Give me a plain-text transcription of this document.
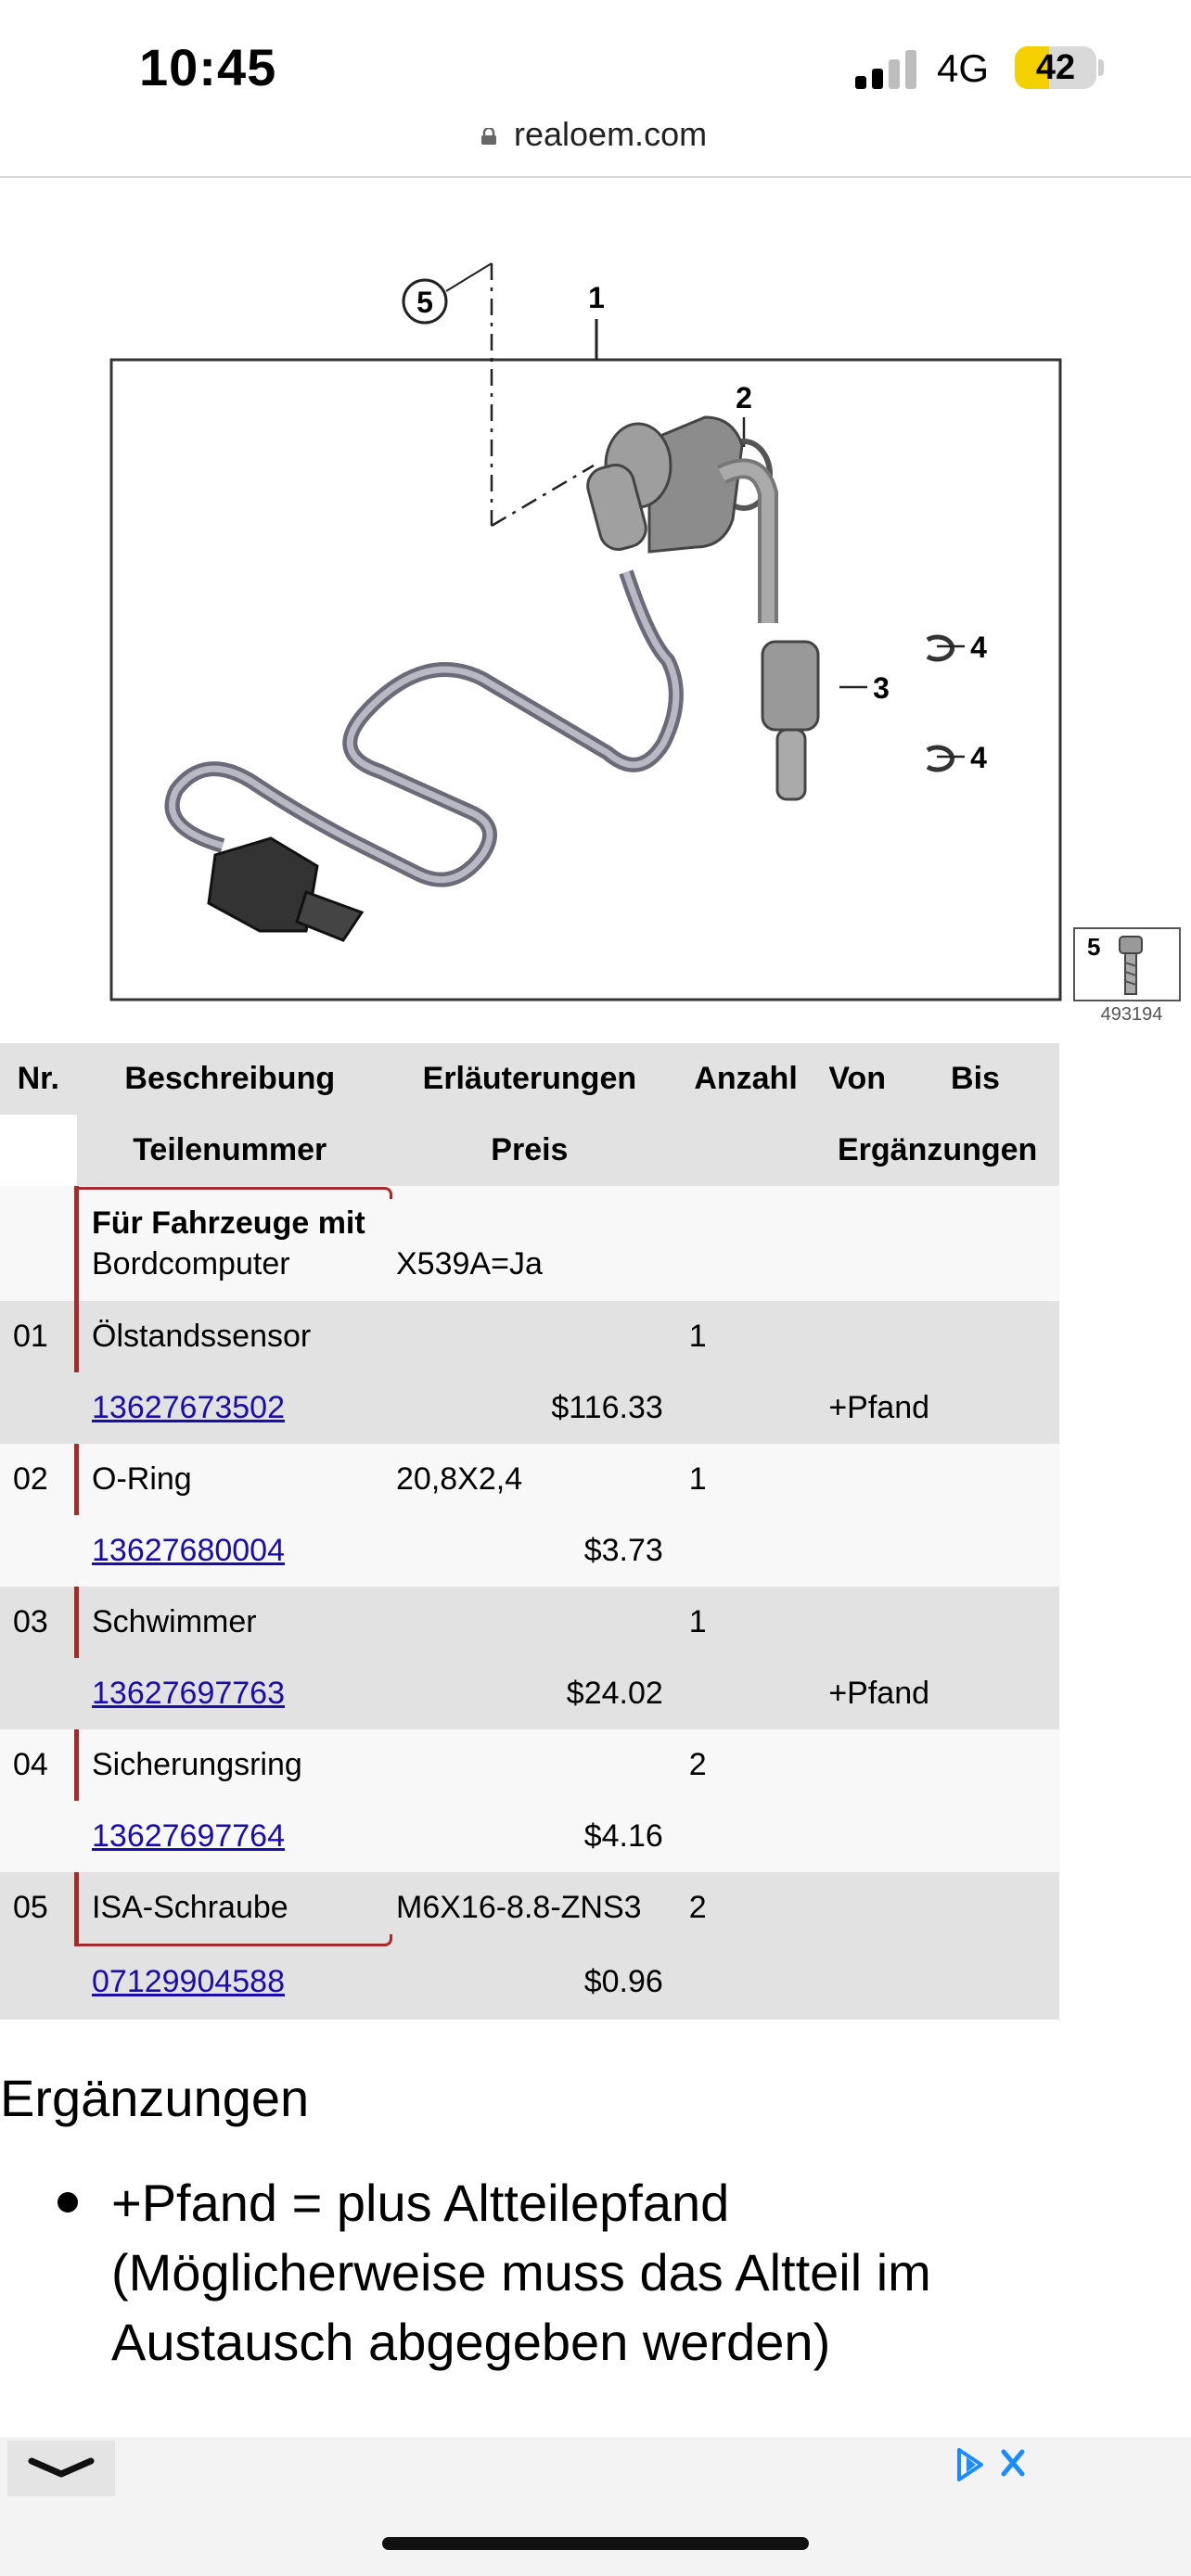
10:45	4G	42
realoem.com
5	1
2
3
4
4
5
493194
Nr.	Beschreibung	Erläuterungen	Anzahl	Von Bis
	Teilenummer	Preis		Ergänzungen
	Für Fahrzeuge mit
Bordcomputer	X539A=Ja		
01	Ölstandssensor		1	
	13627673502	$116.33		+Pfand
02	O-Ring	20,8X2,4	1	
	13627680004	$3.73		
03	Schwimmer		1	
	13627697763	$24.02		+Pfand
04	Sicherungsring		2	
	13627697764	$4.16		
05	ISA-Schraube	M6X16-8.8-ZNS3	2	
	07129904588	$0.96		
Ergänzungen
+Pfand = plus Altteilepfand (Möglicherweise muss das Altteil im Austausch abgegeben werden)
